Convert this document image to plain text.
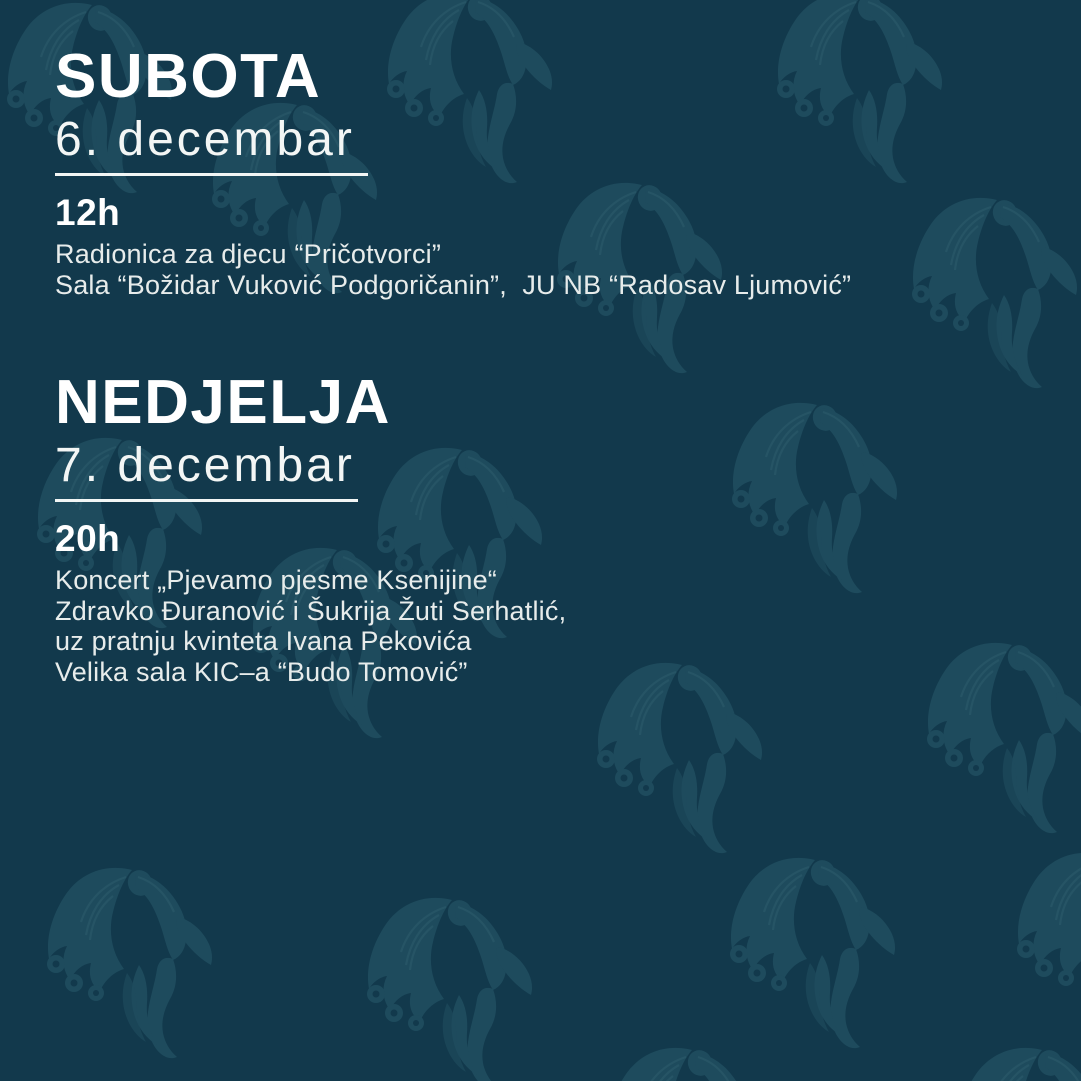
SUBOTA
6. decembar
12h

Radionica za djecu “Pričotvorci”

Sala “Božidar Vuković Podgoričanin”,  JU NB “Radosav Ljumović”

NEDJELJA
7. decembar
20h

Koncert „Pjevamo pjesme Ksenijine“

Zdravko Đuranović i Šukrija Žuti Serhatlić,

uz pratnju kvinteta Ivana Pekovića

Velika sala KIC–a “Budo Tomović”
